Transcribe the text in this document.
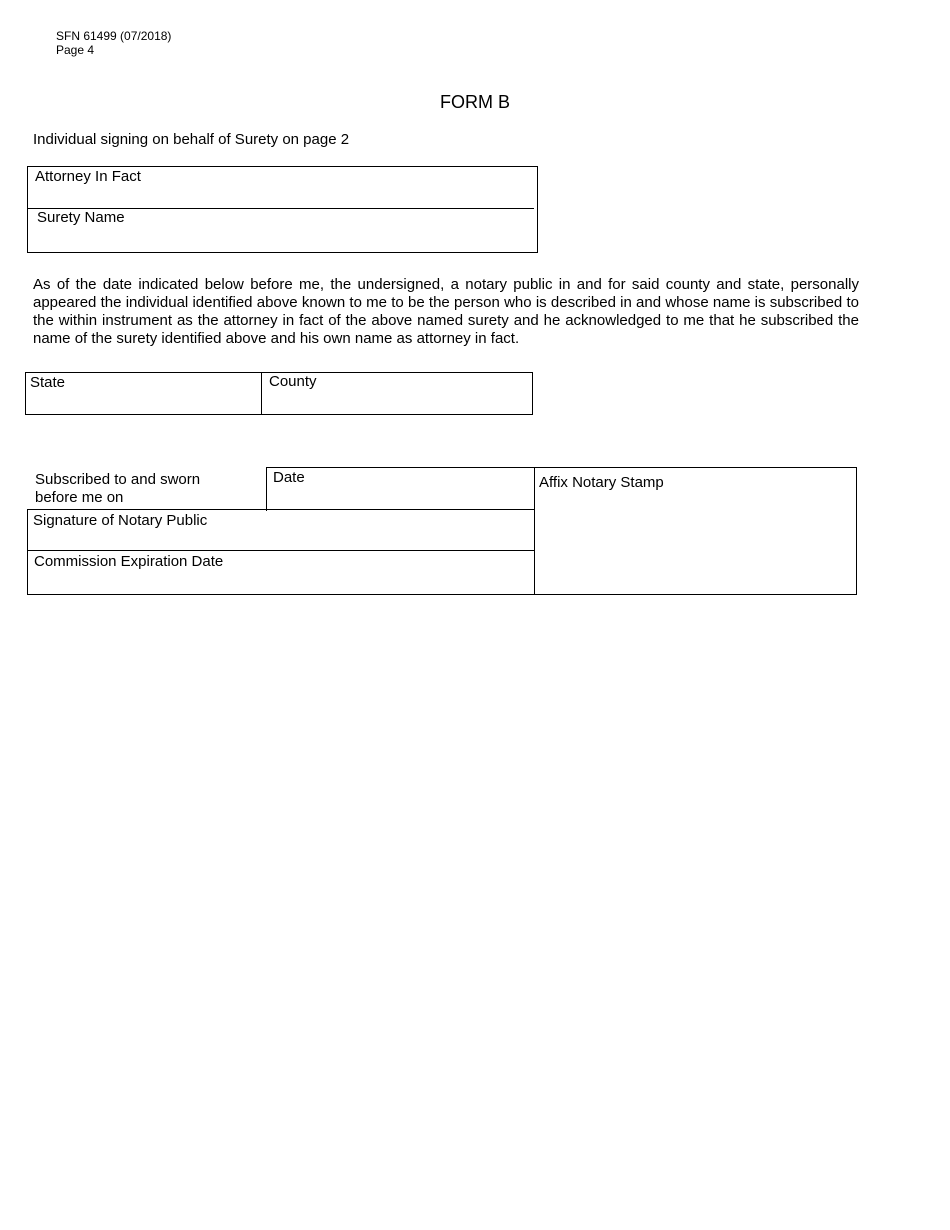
SFN 61499 (07/2018)
Page 4
FORM B
Individual signing on behalf of Surety on page 2
Attorney In Fact
Surety Name
As of the date indicated below before me, the undersigned, a notary public in and for said county and state, personally appeared the individual identified above known to me to be the person who is described in and whose name is subscribed to the within instrument as the attorney in fact of the above named surety and he acknowledged to me that he subscribed the name of the surety identified above and his own name as attorney in fact.
State	County
Subscribed to and sworn
before me on
Date
Signature of Notary Public
Commission Expiration Date
Affix Notary Stamp
